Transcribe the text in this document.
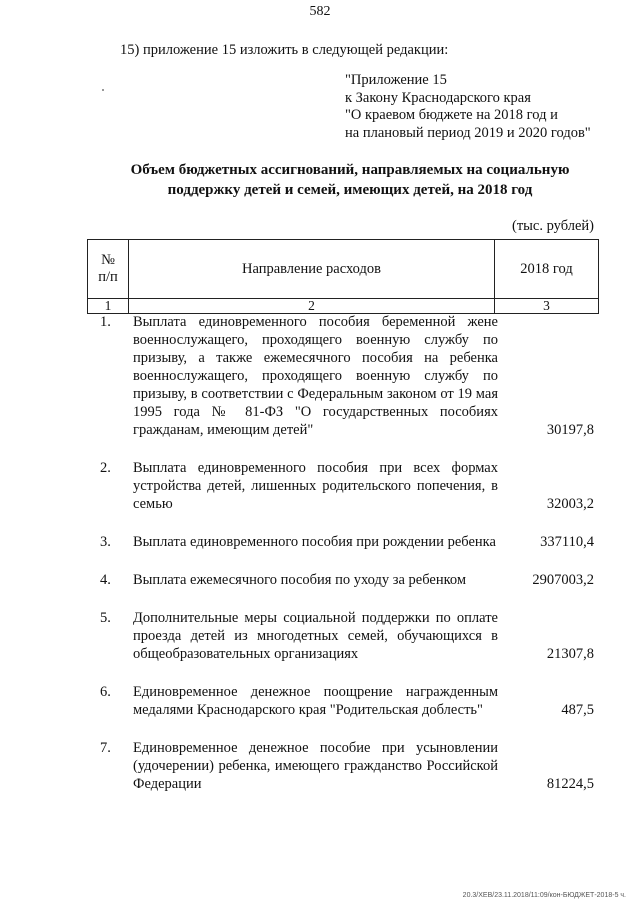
582
15) приложение 15 изложить в следующей редакции:
"Приложение 15
к Закону Краснодарского края
"О краевом бюджете на 2018 год и
на плановый период 2019 и 2020 годов"
Объем бюджетных ассигнований, направляемых на социальную
поддержку детей и семей, имеющих детей, на 2018 год
(тыс. рублей)
№
п/п	Направление расходов	2018 год
1	2	3
1. Выплата единовременного пособия беременной жене военнослужащего, проходящего военную службу по призыву, а также ежемесячного пособия на ребенка военнослужащего, проходящего военную службу по призыву, в соответствии с Федеральным законом от 19 мая 1995 года № 81-ФЗ "О государственных пособиях гражданам, имеющим детей"	30197,8
2. Выплата единовременного пособия при всех формах устройства детей, лишенных родительского попечения, в семью	32003,2
3. Выплата единовременного пособия при рождении ребенка	337110,4
4. Выплата ежемесячного пособия по уходу за ребенком	2907003,2
5. Дополнительные меры социальной поддержки по оплате проезда детей из многодетных семей, обучающихся в общеобразовательных организациях	21307,8
6. Единовременное денежное поощрение награжденным медалями Краснодарского края "Родительская доблесть"	487,5
7. Единовременное денежное пособие при усыновлении (удочерении) ребенка, имеющего гражданство Российской Федерации	81224,5
20.3/ХЕВ/23.11.2018/11:09/кон-БЮДЖЕТ-2018-5 ч.
